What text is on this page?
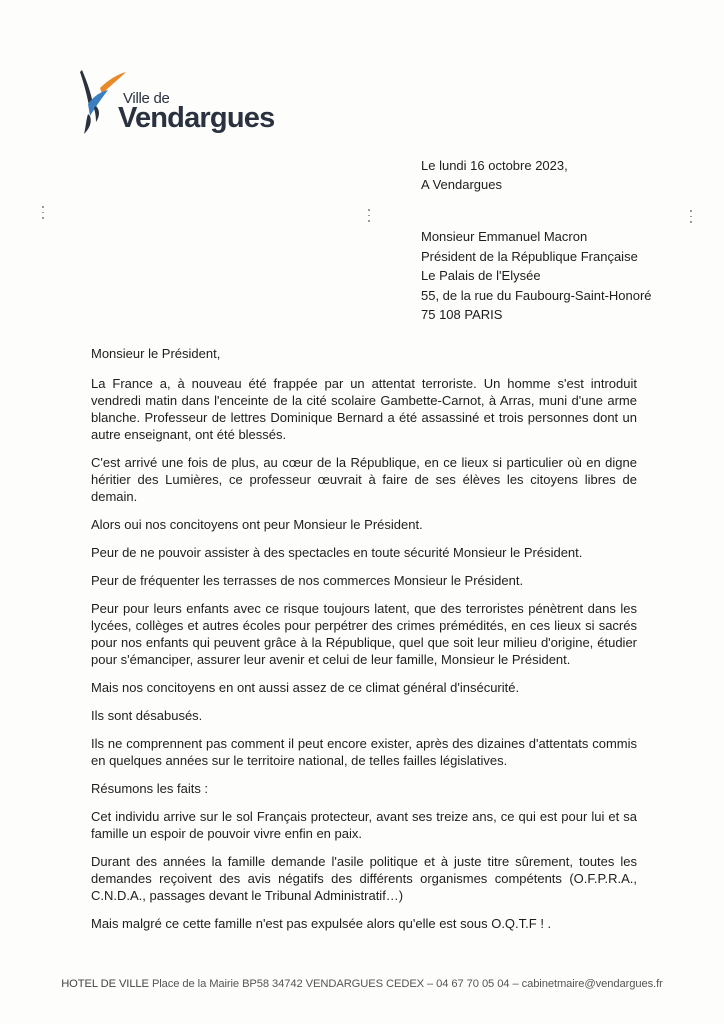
Ville de
Vendargues
Le lundi 16 octobre 2023,
A Vendargues
Monsieur Emmanuel Macron
Président de la République Française
Le Palais de l'Elysée
55, de la rue du Faubourg-Saint-Honoré
75 108 PARIS

Monsieur le Président,

La France a, à nouveau été frappée par un attentat terroriste. Un homme s'est introduit vendredi matin dans l'enceinte de la cité scolaire Gambette-Carnot, à Arras, muni d'une arme blanche. Professeur de lettres Dominique Bernard a été assassiné et trois personnes dont un autre enseignant, ont été blessés.

C'est arrivé une fois de plus, au cœur de la République, en ce lieux si particulier où en digne héritier des Lumières, ce professeur œuvrait à faire de ses élèves les citoyens libres de demain.

Alors oui nos concitoyens ont peur Monsieur le Président.

Peur de ne pouvoir assister à des spectacles en toute sécurité Monsieur le Président.

Peur de fréquenter les terrasses de nos commerces Monsieur le Président.

Peur pour leurs enfants avec ce risque toujours latent, que des terroristes pénètrent dans les lycées, collèges et autres écoles pour perpétrer des crimes prémédités, en ces lieux si sacrés pour nos enfants qui peuvent grâce à la République, quel que soit leur milieu d'origine, étudier pour s'émanciper, assurer leur avenir et celui de leur famille, Monsieur le Président.

Mais nos concitoyens en ont aussi assez de ce climat général d'insécurité.

Ils sont désabusés.

Ils ne comprennent pas comment il peut encore exister, après des dizaines d'attentats commis en quelques années sur le territoire national, de telles failles législatives.

Résumons les faits :

Cet individu arrive sur le sol Français protecteur, avant ses treize ans, ce qui est pour lui et sa famille un espoir de pouvoir vivre enfin en paix.

Durant des années la famille demande l'asile politique et à juste titre sûrement, toutes les demandes reçoivent des avis négatifs des différents organismes compétents (O.F.P.R.A., C.N.D.A., passages devant le Tribunal Administratif…)

Mais malgré ce cette famille n'est pas expulsée alors qu'elle est sous O.Q.T.F ! .

HOTEL DE VILLE Place de la Mairie BP58 34742 VENDARGUES CEDEX – 04 67 70 05 04 – cabinetmaire@vendargues.fr
